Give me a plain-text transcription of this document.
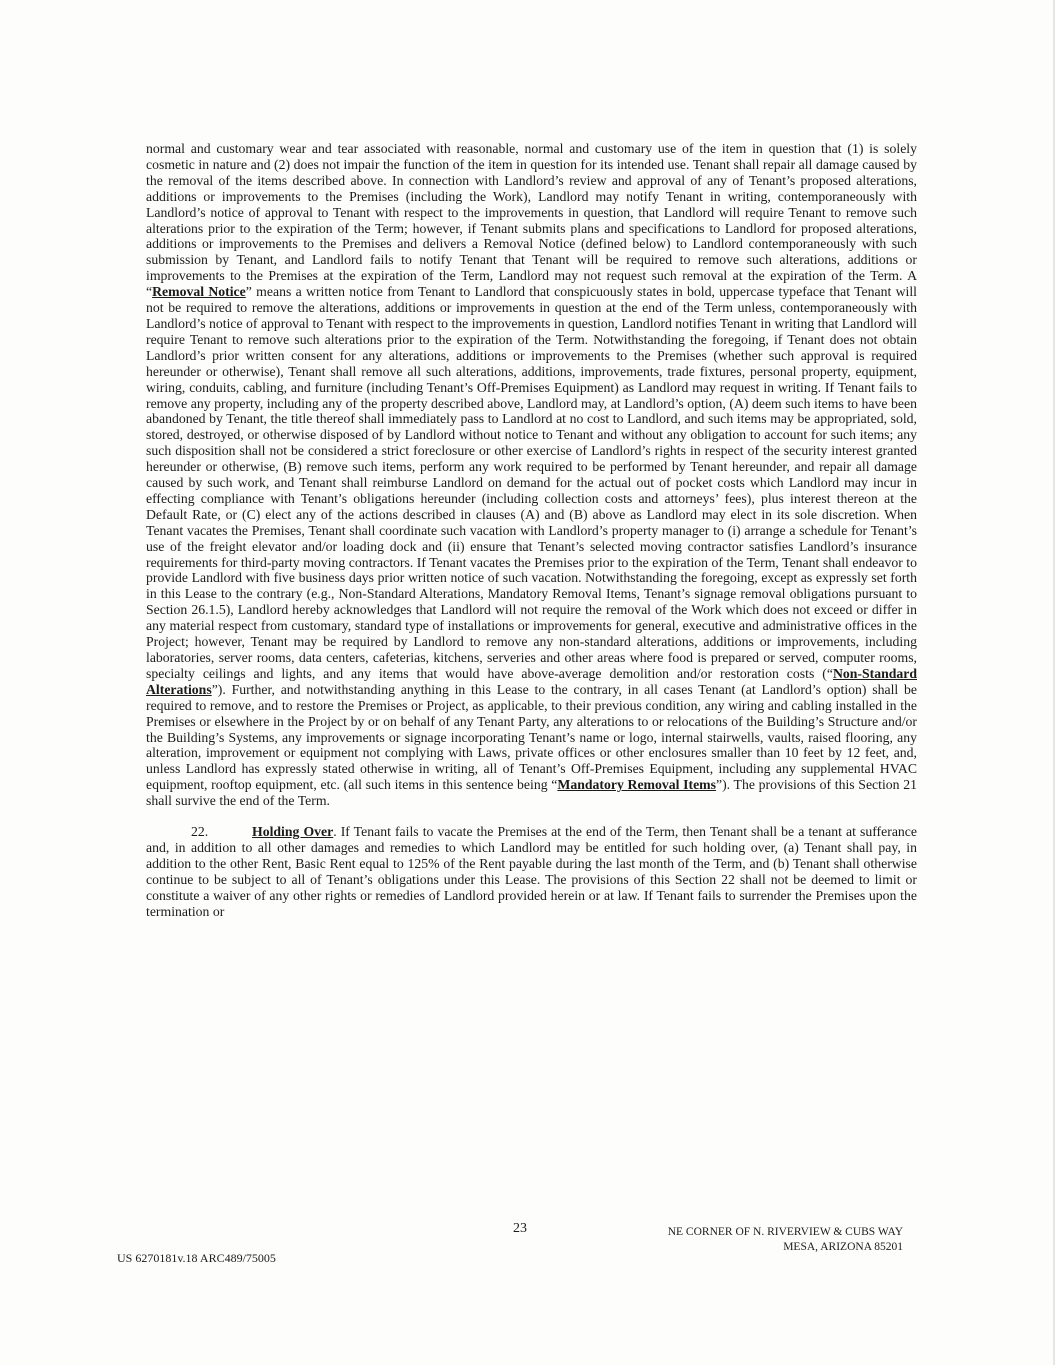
normal and customary wear and tear associated with reasonable, normal and customary use of the item in question that (1) is solely cosmetic in nature and (2) does not impair the function of the item in question for its intended use. Tenant shall repair all damage caused by the removal of the items described above. In connection with Landlord’s review and approval of any of Tenant’s proposed alterations, additions or improvements to the Premises (including the Work), Landlord may notify Tenant in writing, contemporaneously with Landlord’s notice of approval to Tenant with respect to the improvements in question, that Landlord will require Tenant to remove such alterations prior to the expiration of the Term; however, if Tenant submits plans and specifications to Landlord for proposed alterations, additions or improvements to the Premises and delivers a Removal Notice (defined below) to Landlord contemporaneously with such submission by Tenant, and Landlord fails to notify Tenant that Tenant will be required to remove such alterations, additions or improvements to the Premises at the expiration of the Term, Landlord may not request such removal at the expiration of the Term. A “Removal Notice” means a written notice from Tenant to Landlord that conspicuously states in bold, uppercase typeface that Tenant will not be required to remove the alterations, additions or improvements in question at the end of the Term unless, contemporaneously with Landlord’s notice of approval to Tenant with respect to the improvements in question, Landlord notifies Tenant in writing that Landlord will require Tenant to remove such alterations prior to the expiration of the Term. Notwithstanding the foregoing, if Tenant does not obtain Landlord’s prior written consent for any alterations, additions or improvements to the Premises (whether such approval is required hereunder or otherwise), Tenant shall remove all such alterations, additions, improvements, trade fixtures, personal property, equipment, wiring, conduits, cabling, and furniture (including Tenant’s Off-Premises Equipment) as Landlord may request in writing. If Tenant fails to remove any property, including any of the property described above, Landlord may, at Landlord’s option, (A) deem such items to have been abandoned by Tenant, the title thereof shall immediately pass to Landlord at no cost to Landlord, and such items may be appropriated, sold, stored, destroyed, or otherwise disposed of by Landlord without notice to Tenant and without any obligation to account for such items; any such disposition shall not be considered a strict foreclosure or other exercise of Landlord’s rights in respect of the security interest granted hereunder or otherwise, (B) remove such items, perform any work required to be performed by Tenant hereunder, and repair all damage caused by such work, and Tenant shall reimburse Landlord on demand for the actual out of pocket costs which Landlord may incur in effecting compliance with Tenant’s obligations hereunder (including collection costs and attorneys’ fees), plus interest thereon at the Default Rate, or (C) elect any of the actions described in clauses (A) and (B) above as Landlord may elect in its sole discretion. When Tenant vacates the Premises, Tenant shall coordinate such vacation with Landlord’s property manager to (i) arrange a schedule for Tenant’s use of the freight elevator and/or loading dock and (ii) ensure that Tenant’s selected moving contractor satisfies Landlord’s insurance requirements for third-party moving contractors. If Tenant vacates the Premises prior to the expiration of the Term, Tenant shall endeavor to provide Landlord with five business days prior written notice of such vacation. Notwithstanding the foregoing, except as expressly set forth in this Lease to the contrary (e.g., Non-Standard Alterations, Mandatory Removal Items, Tenant’s signage removal obligations pursuant to Section 26.1.5), Landlord hereby acknowledges that Landlord will not require the removal of the Work which does not exceed or differ in any material respect from customary, standard type of installations or improvements for general, executive and administrative offices in the Project; however, Tenant may be required by Landlord to remove any non-standard alterations, additions or improvements, including laboratories, server rooms, data centers, cafeterias, kitchens, serveries and other areas where food is prepared or served, computer rooms, specialty ceilings and lights, and any items that would have above-average demolition and/or restoration costs (“Non-Standard Alterations”). Further, and notwithstanding anything in this Lease to the contrary, in all cases Tenant (at Landlord’s option) shall be required to remove, and to restore the Premises or Project, as applicable, to their previous condition, any wiring and cabling installed in the Premises or elsewhere in the Project by or on behalf of any Tenant Party, any alterations to or relocations of the Building’s Structure and/or the Building’s Systems, any improvements or signage incorporating Tenant’s name or logo, internal stairwells, vaults, raised flooring, any alteration, improvement or equipment not complying with Laws, private offices or other enclosures smaller than 10 feet by 12 feet, and, unless Landlord has expressly stated otherwise in writing, all of Tenant’s Off-Premises Equipment, including any supplemental HVAC equipment, rooftop equipment, etc. (all such items in this sentence being “Mandatory Removal Items”). The provisions of this Section 21 shall survive the end of the Term.

22.	Holding Over. If Tenant fails to vacate the Premises at the end of the Term, then Tenant shall be a tenant at sufferance and, in addition to all other damages and remedies to which Landlord may be entitled for such holding over, (a) Tenant shall pay, in addition to the other Rent, Basic Rent equal to 125% of the Rent payable during the last month of the Term, and (b) Tenant shall otherwise continue to be subject to all of Tenant’s obligations under this Lease. The provisions of this Section 22 shall not be deemed to limit or constitute a waiver of any other rights or remedies of Landlord provided herein or at law. If Tenant fails to surrender the Premises upon the termination or

23	NE CORNER OF N. RIVERVIEW & CUBS WAY
MESA, ARIZONA 85201
US 6270181v.18 ARC489/75005
